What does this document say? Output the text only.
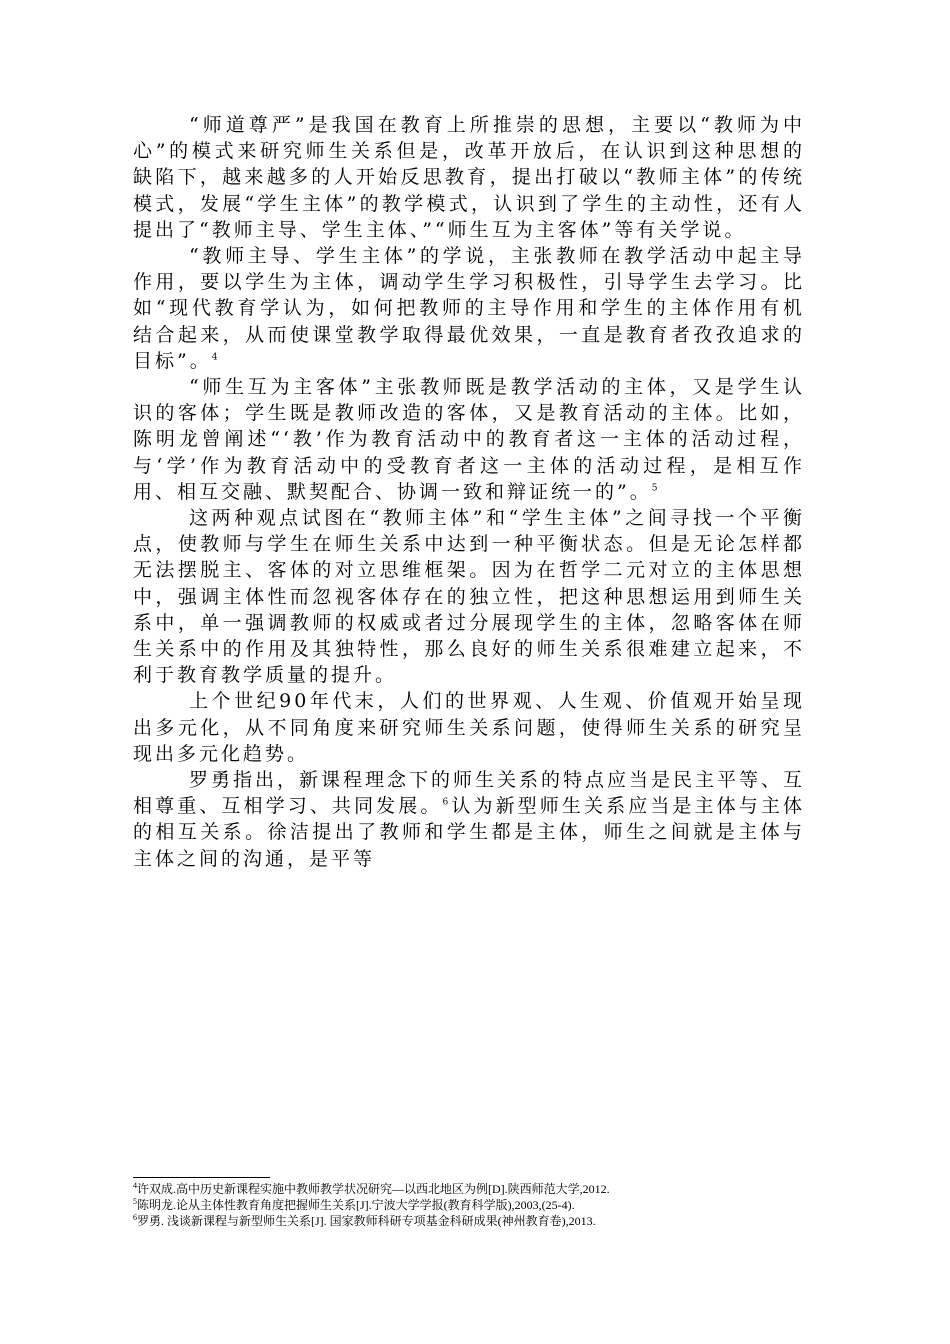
“师道尊严”是我国在教育上所推崇的思想，主要以“教师为中心”的模式来研究师生关系但是，改革开放后，在认识到这种思想的缺陷下，越来越多的人开始反思教育，提出打破以“教师主体”的传统模式，发展“学生主体”的教学模式，认识到了学生的主动性，还有人提出了“教师主导、学生主体、”“师生互为主客体”等有关学说。

“教师主导、学生主体”的学说，主张教师在教学活动中起主导作用，要以学生为主体，调动学生学习积极性，引导学生去学习。比如“现代教育学认为，如何把教师的主导作用和学生的主体作用有机结合起来，从而使课堂教学取得最优效果，一直是教育者孜孜追求的目标”。$^4$

“师生互为主客体”主张教师既是教学活动的主体，又是学生认识的客体；学生既是教师改造的客体，又是教育活动的主体。比如，陈明龙曾阐述“‘教’作为教育活动中的教育者这一主体的活动过程，与‘学’作为教育活动中的受教育者这一主体的活动过程，是相互作用、相互交融、默契配合、协调一致和辩证统一的”。$^5$

这两种观点试图在“教师主体”和“学生主体”之间寻找一个平衡点，使教师与学生在师生关系中达到一种平衡状态。但是无论怎样都无法摆脱主、客体的对立思维框架。因为在哲学二元对立的主体思想中，强调主体性而忽视客体存在的独立性，把这种思想运用到师生关系中，单一强调教师的权威或者过分展现学生的主体，忽略客体在师生关系中的作用及其独特性，那么良好的师生关系很难建立起来，不利于教育教学质量的提升。

上个世纪90年代末，人们的世界观、人生观、价值观开始呈现出多元化，从不同角度来研究师生关系问题，使得师生关系的研究呈现出多元化趋势。

罗勇指出，新课程理念下的师生关系的特点应当是民主平等、互相尊重、互相学习、共同发展。$^6$认为新型师生关系应当是主体与主体的相互关系。徐洁提出了教师和学生都是主体，师生之间就是主体与主体之间的沟通，是平等

$^4$许双成.高中历史新课程实施中教师教学状况研究—以西北地区为例[D].陕西师范大学,2012.

$^5$陈明龙.论从主体性教育角度把握师生关系[J].宁波大学学报(教育科学版),2003,(25-4).

$^6$罗勇. 浅谈新课程与新型师生关系[J]. 国家教师科研专项基金科研成果(神州教育卷),2013.
